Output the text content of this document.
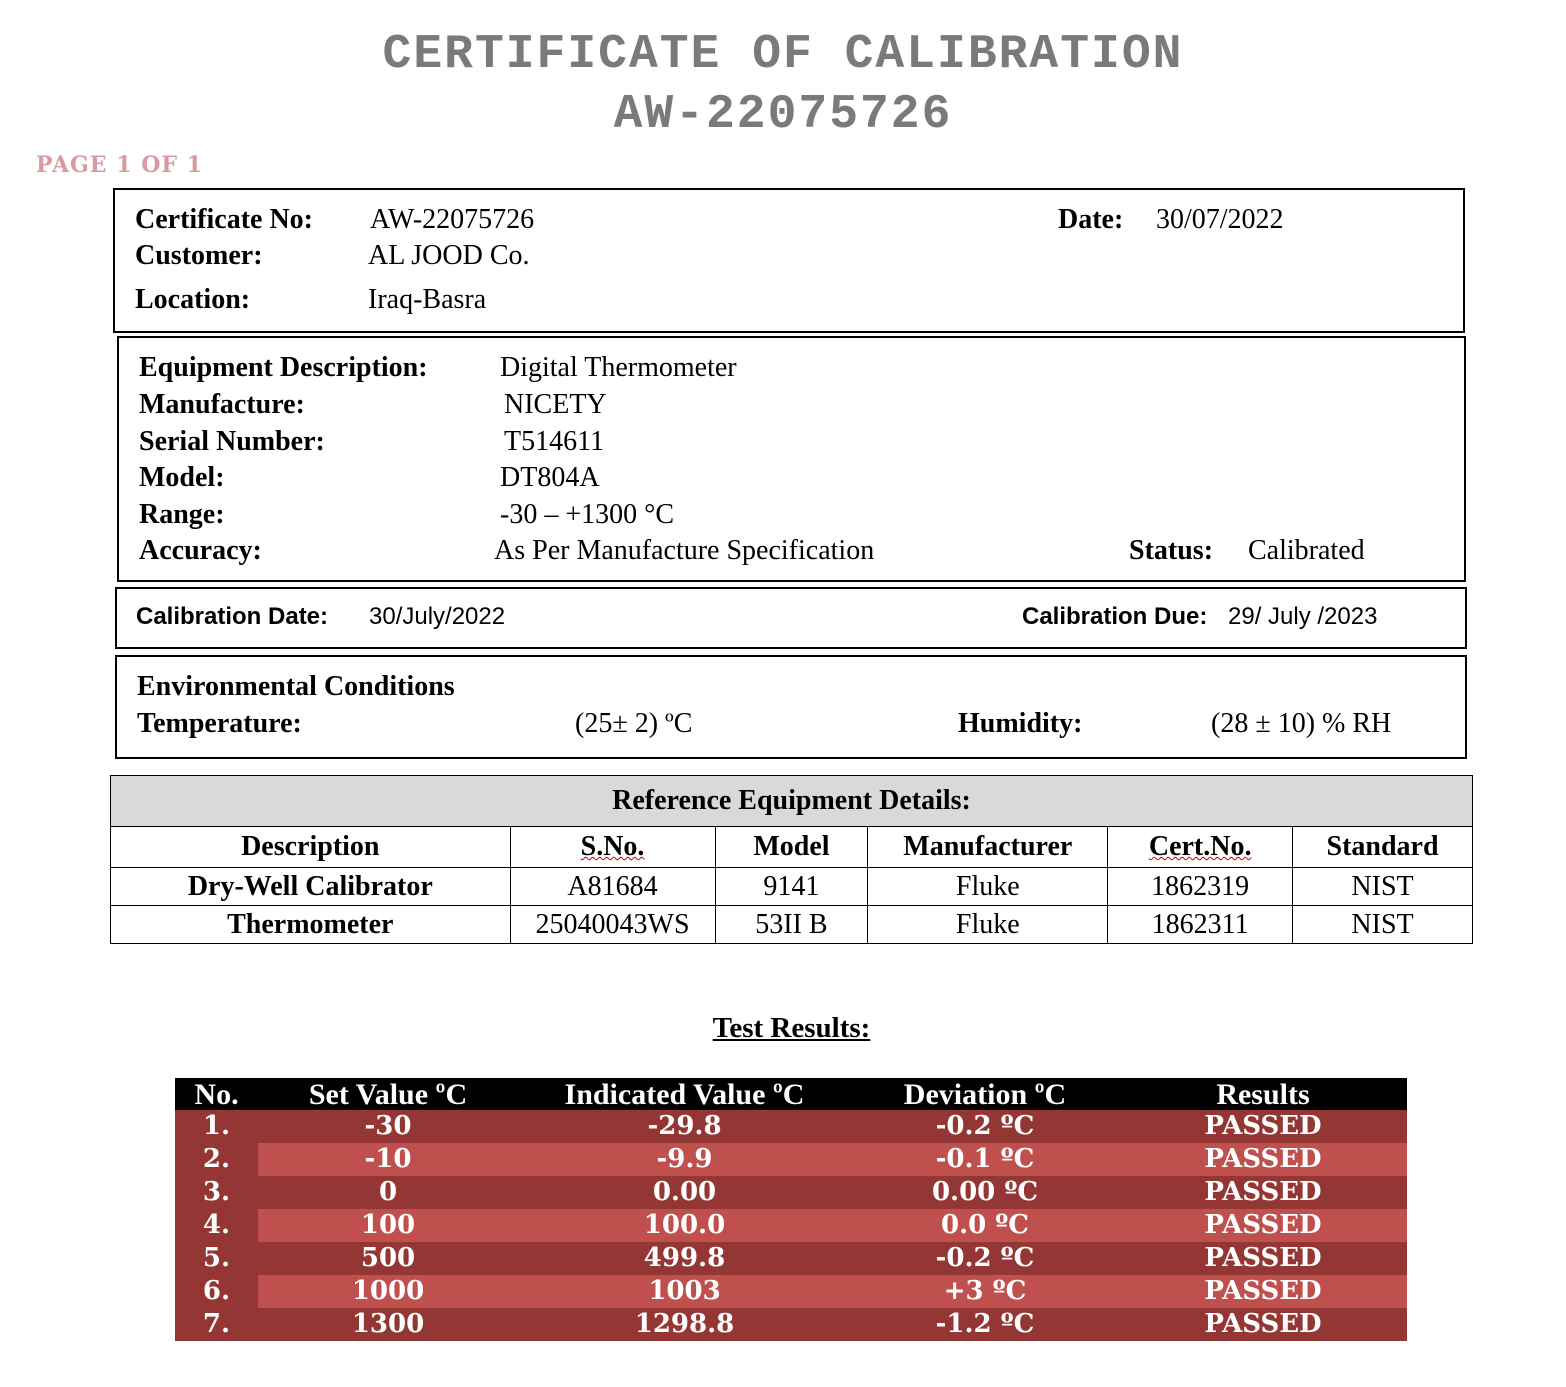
CERTIFICATE OF CALIBRATION
AW-22075726
PAGE 1 OF 1
Certificate No: AW-22075726	Date: 30/07/2022
Customer:	AL JOOD Co.
Location:	Iraq-Basra
Equipment Description:	Digital Thermometer
Manufacture:	NICETY
Serial Number:	T514611
Model:	DT804A
Range:	-30 – +1300 °C
Accuracy:	As Per Manufacture Specification	Status: Calibrated
Calibration Date: 30/July/2022	Calibration Due: 29/ July /2023
Environmental Conditions
Temperature:	(25± 2) ºC	Humidity:	(28 ± 10) % RH
Reference Equipment Details:					
Description	S.No.	Model	Manufacturer	Cert.No.	Standard
Dry-Well Calibrator	A81684	9141	Fluke	1862319	NIST
Thermometer	25040043WS	53II B	Fluke	1862311	NIST
Test Results:
No.	Set Value ºC	Indicated Value ºC	Deviation ºC	Results
1.	-30	-29.8	-0.2 ºC	PASSED
2.	-10	-9.9	-0.1 ºC	PASSED
3.	0	0.00	0.00 ºC	PASSED
4.	100	100.0	0.0 ºC	PASSED
5.	500	499.8	-0.2 ºC	PASSED
6.	1000	1003	+3 ºC	PASSED
7.	1300	1298.8	-1.2 ºC	PASSED
